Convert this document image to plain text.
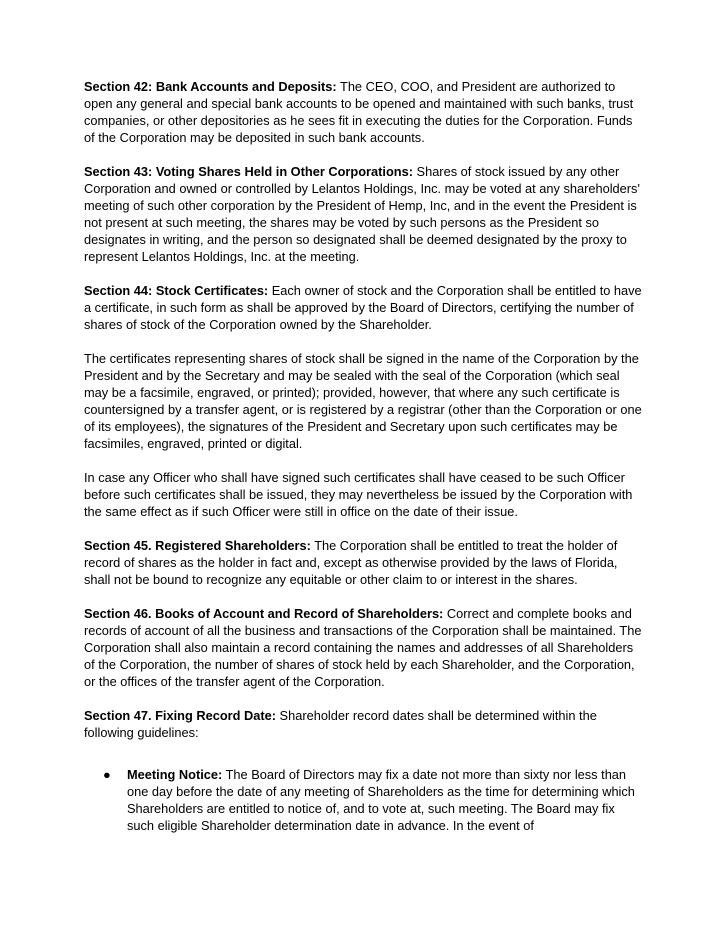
Section 42: Bank Accounts and Deposits: The CEO, COO, and President are authorized to open any general and special bank accounts to be opened and maintained with such banks, trust companies, or other depositories as he sees fit in executing the duties for the Corporation. Funds of the Corporation may be deposited in such bank accounts.

Section 43: Voting Shares Held in Other Corporations: Shares of stock issued by any other Corporation and owned or controlled by Lelantos Holdings, Inc. may be voted at any shareholders' meeting of such other corporation by the President of Hemp, Inc, and in the event the President is not present at such meeting, the shares may be voted by such persons as the President so designates in writing, and the person so designated shall be deemed designated by the proxy to represent Lelantos Holdings, Inc. at the meeting.

Section 44: Stock Certificates: Each owner of stock and the Corporation shall be entitled to have a certificate, in such form as shall be approved by the Board of Directors, certifying the number of shares of stock of the Corporation owned by the Shareholder.

The certificates representing shares of stock shall be signed in the name of the Corporation by the President and by the Secretary and may be sealed with the seal of the Corporation (which seal may be a facsimile, engraved, or printed); provided, however, that where any such certificate is countersigned by a transfer agent, or is registered by a registrar (other than the Corporation or one of its employees), the signatures of the President and Secretary upon such certificates may be facsimiles, engraved, printed or digital.

In case any Officer who shall have signed such certificates shall have ceased to be such Officer before such certificates shall be issued, they may nevertheless be issued by the Corporation with the same effect as if such Officer were still in office on the date of their issue.

Section 45. Registered Shareholders: The Corporation shall be entitled to treat the holder of record of shares as the holder in fact and, except as otherwise provided by the laws of Florida, shall not be bound to recognize any equitable or other claim to or interest in the shares.

Section 46. Books of Account and Record of Shareholders: Correct and complete books and records of account of all the business and transactions of the Corporation shall be maintained. The Corporation shall also maintain a record containing the names and addresses of all Shareholders of the Corporation, the number of shares of stock held by each Shareholder, and the Corporation, or the offices of the transfer agent of the Corporation.

Section 47. Fixing Record Date: Shareholder record dates shall be determined within the following guidelines:

● Meeting Notice: The Board of Directors may fix a date not more than sixty nor less than one day before the date of any meeting of Shareholders as the time for determining which Shareholders are entitled to notice of, and to vote at, such meeting. The Board may fix such eligible Shareholder determination date in advance. In the event of
